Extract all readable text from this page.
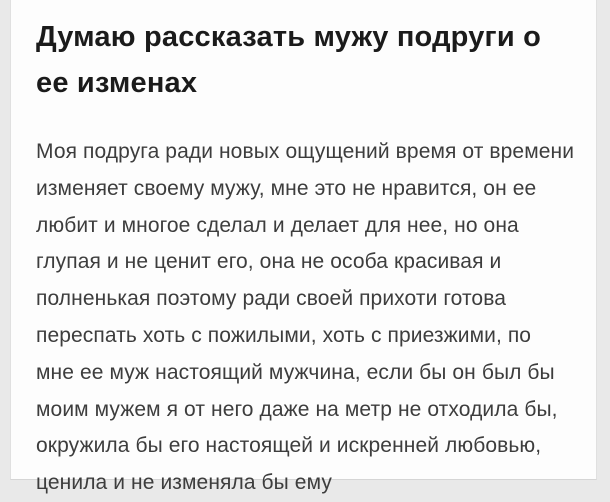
Думаю рассказать мужу подруги о ее изменах

Моя подруга ради новых ощущений время от времени изменяет своему мужу, мне это не нравится, он ее любит и многое сделал и делает для нее, но она глупая и не ценит его, она не особа красивая и полненькая поэтому ради своей прихоти готова переспать хоть с пожилыми, хоть с приезжими, по мне ее муж настоящий мужчина, если бы он был бы моим мужем я от него даже на метр не отходила бы, окружила бы его настоящей и искренней любовью, ценила и не изменяла бы ему
